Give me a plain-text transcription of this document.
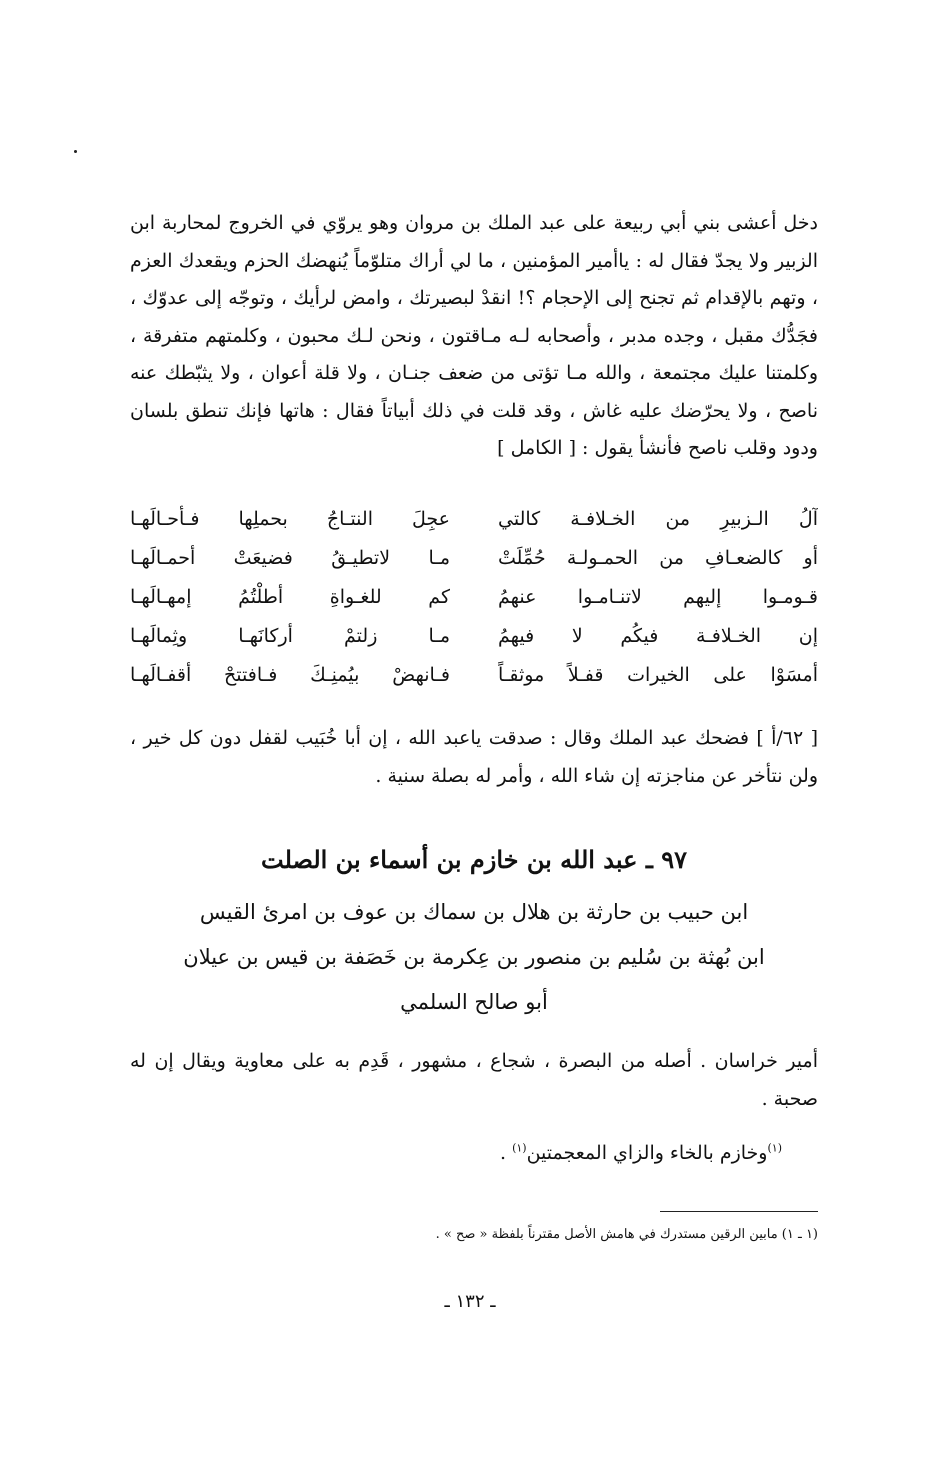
دخل أعشى بني أبي ربيعة على عبد الملك بن مروان وهو يروّي في الخروج لمحاربة ابن الزبير ولا يجدّ فقال له : ياأمير المؤمنين ، ما لي أراك متلوّماً يُنهضك الحزم ويقعدك العزم ، وتهم بالإقدام ثم تجنح إلى الإحجام ؟! انقدْ لبصيرتك ، وامض لرأيك ، وتوجّه إلى عدوّك ، فجَدُّك مقبل ، وجده مدبر ، وأصحابه لـه مـاقتون ، ونحن لـك محبون ، وكلمتهم متفرقة ، وكلمتنا عليك مجتمعة ، والله مـا تؤتى من ضعف جنـان ، ولا قلة أعوان ، ولا يثبّطك عنه ناصح ، ولا يحرّضك عليه غاش ، وقد قلت في ذلك أبياتاً فقال : هاتها فإنك تنطق بلسان ودود وقلب ناصح فأنشأ يقول : [ الكامل ]

آلُ الـزبيرِ من الخـلافـة كالتي
عجِلَ النتـاجُ بحملِها فـأحـالَهـا
أو كالضعـافِ من الحمـولـة حُمِّلَتْ
مـا لاتطيـقُ فضيعَتْ أحمـالَهـا
قـومـوا إليهم لاتنـامـوا عنهمُ
كم للغـواةِ أطلْتُمُ إمهـالَهـا
إن الخـلافـة فيكُم لا فيهمُ
مـا زلتمْ أركانَهـا وثِمالَهـا
أمسَوْا على الخيرات قفـلاً موثقـاً
فـانهضْ بيُمنِـكَ فـافتتحْ أقفـالَهـا

[ ٦٢/أ ] فضحك عبد الملك وقال : صدقت ياعبد الله ، إن أبا خُبَيب لقفل دون كل خير ، ولن نتأخر عن مناجزته إن شاء الله ، وأمر له بصلة سنية .

٩٧ ـ عبد الله بن خازم بن أسماء بن الصلت
ابن حبيب بن حارثة بن هلال بن سماك بن عوف بن امرئ القيس
ابن بُهثة بن سُليم بن منصور بن عِكرمة بن خَصَفة بن قيس بن عيلان
أبو صالح السلمي

أمير خراسان . أصله من البصرة ، شجاع ، مشهور ، قَدِم به على معاوية ويقال إن له صحبة .

$^{(١)}$وخازم بالخاء والزاي المعجمتين$^{(١)}$ .
(١ ـ ١) مابين الرقين مستدرك في هامش الأصل مقترناً بلفظة « صح » .
ـ ١٣٢ ـ
